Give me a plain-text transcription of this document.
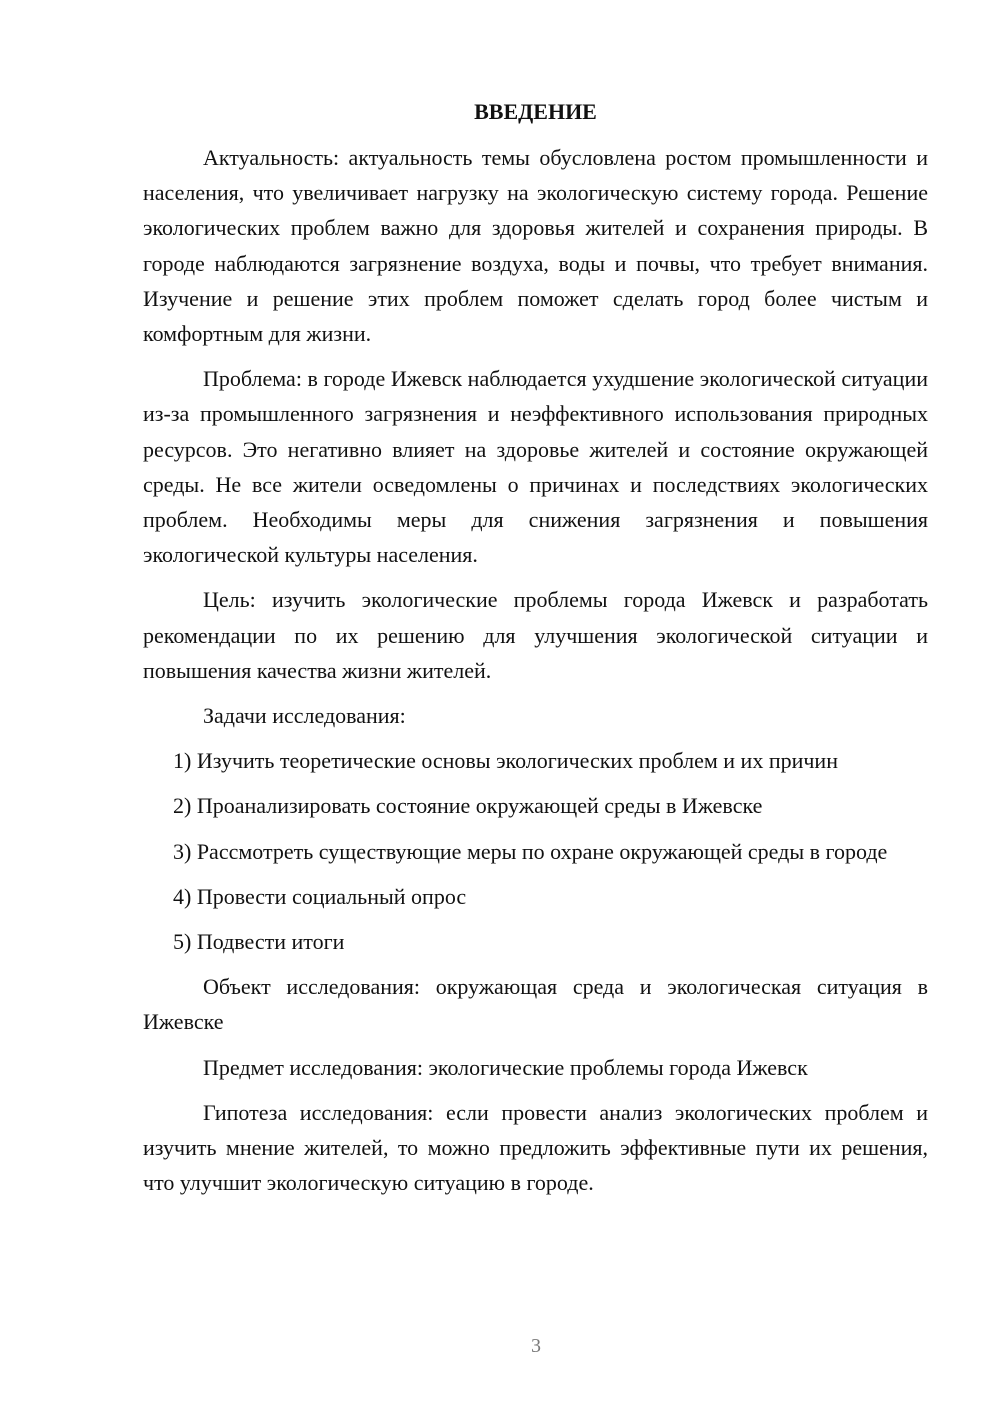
ВВЕДЕНИЕ

Актуальность: актуальность темы обусловлена ростом промышленности и населения, что увеличивает нагрузку на экологическую систему города. Решение экологических проблем важно для здоровья жителей и сохранения природы. В городе наблюдаются загрязнение воздуха, воды и почвы, что требует внимания. Изучение и решение этих проблем поможет сделать город более чистым и комфортным для жизни.

Проблема: в городе Ижевск наблюдается ухудшение экологической ситуации из-за промышленного загрязнения и неэффективного использования природных ресурсов. Это негативно влияет на здоровье жителей и состояние окружающей среды. Не все жители осведомлены о причинах и последствиях экологических проблем. Необходимы меры для снижения загрязнения и повышения экологической культуры населения.

Цель: изучить экологические проблемы города Ижевск и разработать рекомендации по их решению для улучшения экологической ситуации и повышения качества жизни жителей.

Задачи исследования:

1) Изучить теоретические основы экологических проблем и их причин

2) Проанализировать состояние окружающей среды в Ижевске

3) Рассмотреть существующие меры по охране окружающей среды в городе

4) Провести социальный опрос

5) Подвести итоги

Объект исследования: окружающая среда и экологическая ситуация в Ижевске

Предмет исследования: экологические проблемы города Ижевск

Гипотеза исследования: если провести анализ экологических проблем и изучить мнение жителей, то можно предложить эффективные пути их решения, что улучшит экологическую ситуацию в городе.

3
